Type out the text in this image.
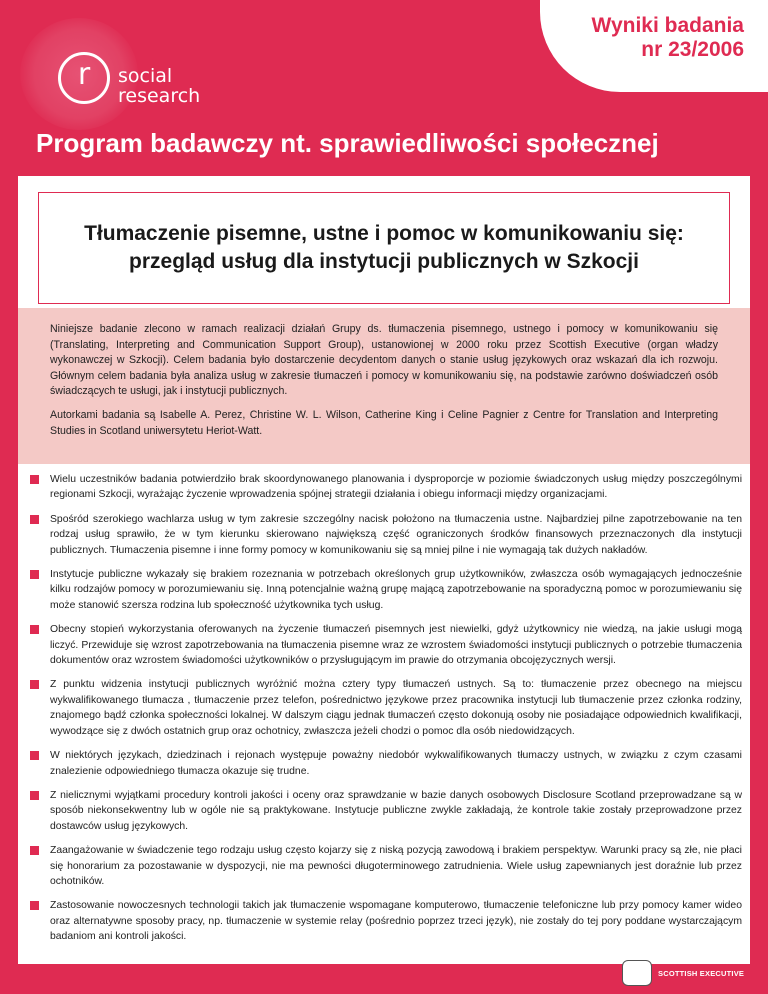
r	social
research
Wyniki badania
nr 23/2006
Program badawczy nt. sprawiedliwości społecznej
Tłumaczenie pisemne, ustne i pomoc w komunikowaniu się:
przegląd usług dla instytucji publicznych w Szkocji

Niniejsze badanie zlecono w ramach realizacji działań Grupy ds. tłumaczenia pisemnego, ustnego i pomocy w komunikowaniu się (Translating, Interpreting and Communication Support Group), ustanowionej w 2000 roku przez Scottish Executive (organ władzy wykonawczej w Szkocji). Celem badania było dostarczenie decydentom danych o stanie usług językowych oraz wskazań dla ich rozwoju. Głównym celem badania była analiza usług w zakresie tłumaczeń i pomocy w komunikowaniu się, na podstawie zarówno doświadczeń osób świadczących te usługi, jak i instytucji publicznych.

Autorkami badania są Isabelle A. Perez, Christine W. L. Wilson, Catherine King i Celine Pagnier z Centre for Translation and Interpreting Studies in Scotland uniwersytetu Heriot-Watt.

Wielu uczestników badania potwierdziło brak skoordynowanego planowania i dysproporcje w poziomie świadczonych usług między poszczególnymi regionami Szkocji, wyrażając życzenie wprowadzenia spójnej strategii działania i obiegu informacji między organizacjami.
Spośród szerokiego wachlarza usług w tym zakresie szczególny nacisk położono na tłumaczenia ustne. Najbardziej pilne zapotrzebowanie na ten rodzaj usług sprawiło, że w tym kierunku skierowano największą część ograniczonych środków finansowych przeznaczonych dla instytucji publicznych. Tłumaczenia pisemne i inne formy pomocy w komunikowaniu się są mniej pilne i nie wymagają tak dużych nakładów.
Instytucje publiczne wykazały się brakiem rozeznania w potrzebach określonych grup użytkowników, zwłaszcza osób wymagających jednocześnie kilku rodzajów pomocy w porozumiewaniu się. Inną potencjalnie ważną grupę mającą zapotrzebowanie na sporadyczną pomoc w porozumiewaniu się może stanowić szersza rodzina lub społeczność użytkownika tych usług.
Obecny stopień wykorzystania oferowanych na życzenie tłumaczeń pisemnych jest niewielki, gdyż użytkownicy nie wiedzą, na jakie usługi mogą liczyć. Przewiduje się wzrost zapotrzebowania na tłumaczenia pisemne wraz ze wzrostem świadomości instytucji publicznych o potrzebie tłumaczenia dokumentów oraz wzrostem świadomości użytkowników o przysługującym im prawie do otrzymania obcojęzycznych wersji.
Z punktu widzenia instytucji publicznych wyróżnić można cztery typy tłumaczeń ustnych. Są to: tłumaczenie przez obecnego na miejscu wykwalifikowanego tłumacza , tłumaczenie przez telefon, pośrednictwo językowe przez pracownika instytucji lub tłumaczenie przez członka rodziny, znajomego bądź członka społeczności lokalnej. W dalszym ciągu jednak tłumaczeń często dokonują osoby nie posiadające odpowiednich kwalifikacji, wywodzące się z dwóch ostatnich grup oraz ochotnicy, zwłaszcza jeżeli chodzi o pomoc dla osób niedowidzących.
W niektórych językach, dziedzinach i rejonach występuje poważny niedobór wykwalifikowanych tłumaczy ustnych, w związku z czym czasami znalezienie odpowiedniego tłumacza okazuje się trudne.
Z nielicznymi wyjątkami procedury kontroli jakości i oceny oraz sprawdzanie w bazie danych osobowych Disclosure Scotland przeprowadzane są w sposób niekonsekwentny lub w ogóle nie są praktykowane. Instytucje publiczne zwykle zakładają, że kontrole takie zostały przeprowadzone przez dostawców usług językowych.
Zaangażowanie w świadczenie tego rodzaju usług często kojarzy się z niską pozycją zawodową i brakiem perspektyw. Warunki pracy są złe, nie płaci się honorarium za pozostawanie w dyspozycji, nie ma pewności długoterminowego zatrudnienia. Wiele usług zapewnianych jest doraźnie lub przez ochotników.
Zastosowanie nowoczesnych technologii takich jak tłumaczenie wspomagane komputerowo, tłumaczenie telefoniczne lub przy pomocy kamer wideo oraz alternatywne sposoby pracy, np. tłumaczenie w systemie relay (pośrednio poprzez trzeci język), nie zostały do tej pory poddane wystarczającym badaniom ani kontroli jakości.
SCOTTISH EXECUTIVE
